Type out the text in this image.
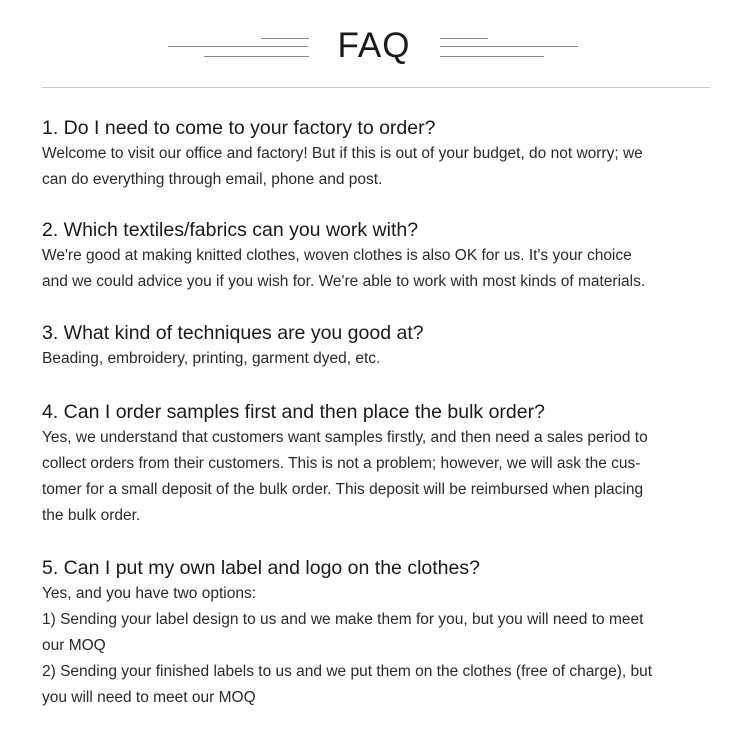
FAQ

1. Do I need to come to your factory to order?

Welcome to visit our office and factory! But if this is out of your budget, do not worry; we

can do everything through email, phone and post.

2. Which textiles/fabrics can you work with?

We're good at making knitted clothes, woven clothes is also OK for us. It's your choice

and we could advice you if you wish for. We're able to work with most kinds of materials.

3. What kind of techniques are you good at?

Beading, embroidery, printing, garment dyed, etc.

4. Can I order samples first and then place the bulk order?

Yes, we understand that customers want samples firstly, and then need a sales period to

collect orders from their customers. This is not a problem; however, we will ask the cus-

tomer for a small deposit of the bulk order. This deposit will be reimbursed when placing

the bulk order.

5. Can I put my own label and logo on the clothes?

Yes, and you have two options:

1) Sending your label design to us and we make them for you, but you will need to meet

our MOQ

2) Sending your finished labels to us and we put them on the clothes (free of charge), but

you will need to meet our MOQ
